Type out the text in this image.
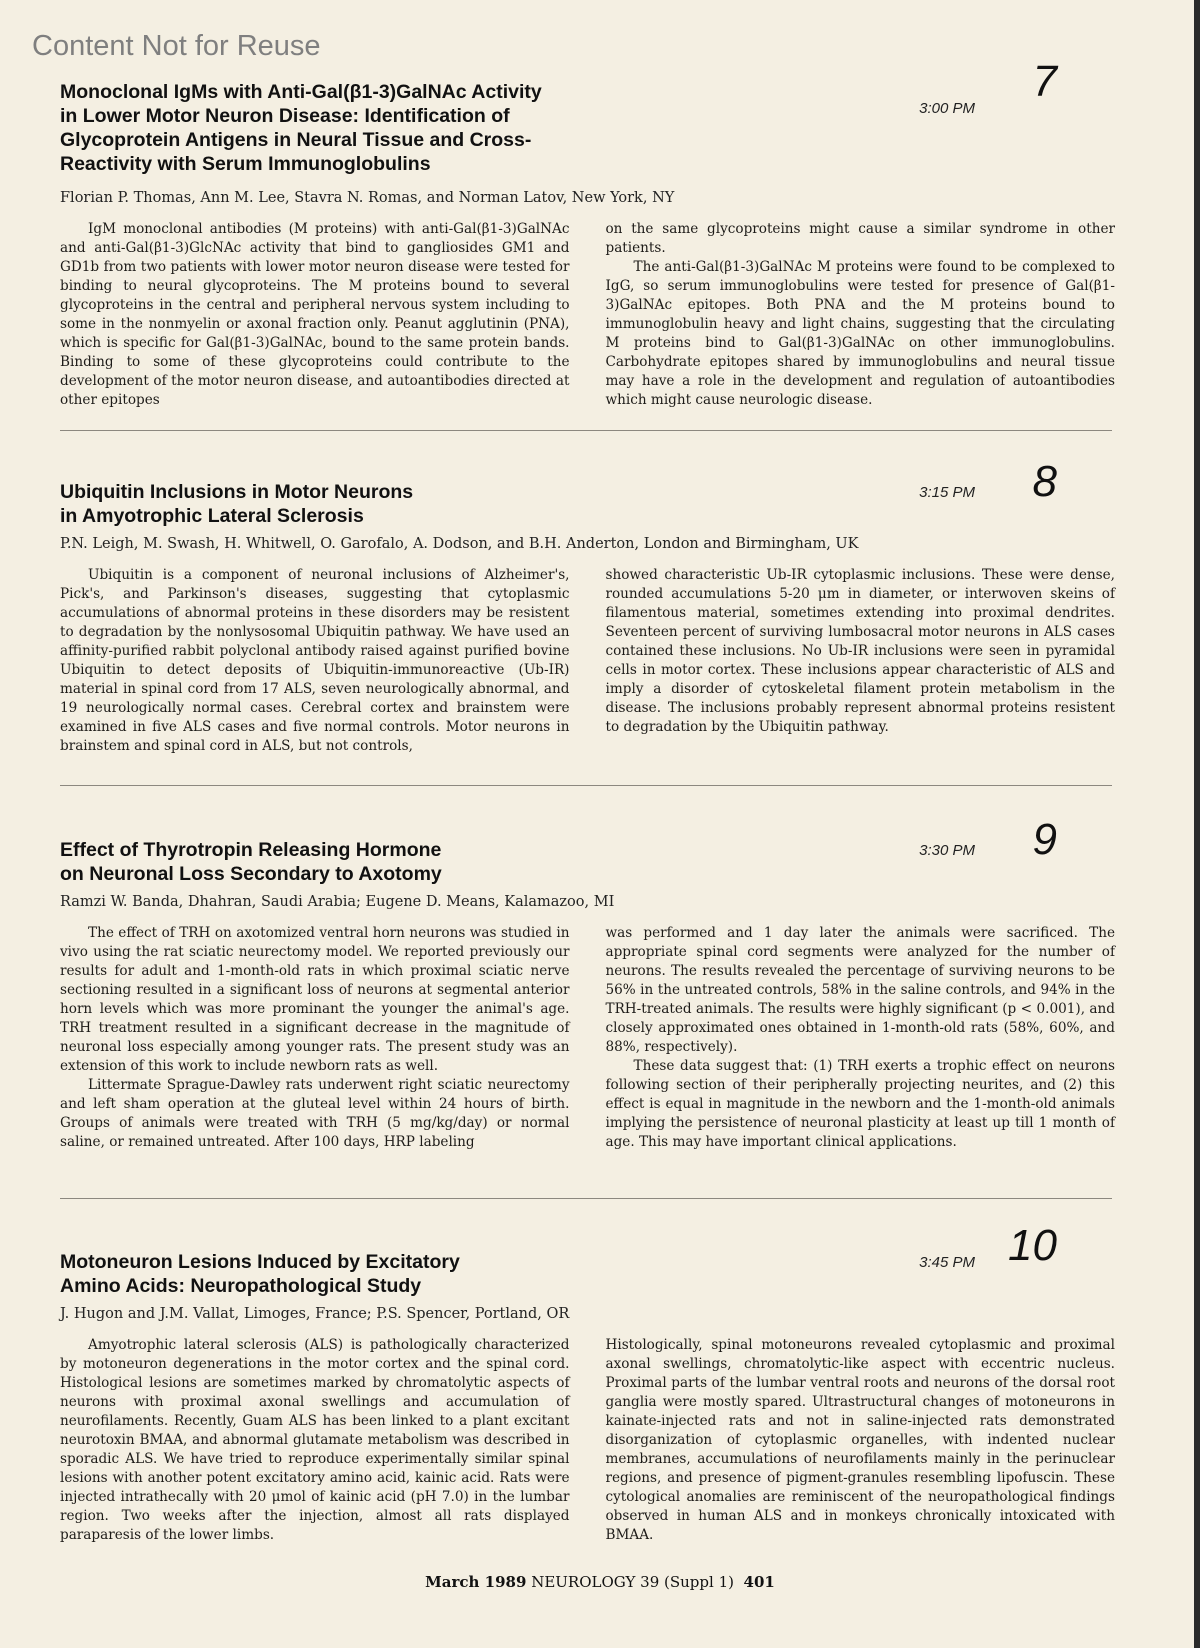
Content Not for Reuse
Monoclonal IgMs with Anti-Gal(β1-3)GalNAc Activity
in Lower Motor Neuron Disease: Identification of
Glycoprotein Antigens in Neural Tissue and Cross-
Reactivity with Serum Immunoglobulins
3:00 PM
7
Florian P. Thomas, Ann M. Lee, Stavra N. Romas, and Norman Latov, New York, NY

IgM monoclonal antibodies (M proteins) with anti-Gal(β1-3)GalNAc and anti-Gal(β1-3)GlcNAc activity that bind to gangliosides GM1 and GD1b from two patients with lower motor neuron disease were tested for binding to neural glycoproteins. The M proteins bound to several glycoproteins in the central and peripheral nervous system including to some in the nonmyelin or axonal fraction only. Peanut agglutinin (PNA), which is specific for Gal(β1-3)GalNAc, bound to the same protein bands. Binding to some of these glycoproteins could contribute to the development of the motor neuron disease, and autoantibodies directed at other epitopes

on the same glycoproteins might cause a similar syndrome in other patients.

The anti-Gal(β1-3)GalNAc M proteins were found to be complexed to IgG, so serum immunoglobulins were tested for presence of Gal(β1-3)GalNAc epitopes. Both PNA and the M proteins bound to immunoglobulin heavy and light chains, suggesting that the circulating M proteins bind to Gal(β1-3)GalNAc on other immunoglobulins. Carbohydrate epitopes shared by immunoglobulins and neural tissue may have a role in the development and regulation of autoantibodies which might cause neurologic disease.

Ubiquitin Inclusions in Motor Neurons
in Amyotrophic Lateral Sclerosis
3:15 PM 8
P.N. Leigh, M. Swash, H. Whitwell, O. Garofalo, A. Dodson, and B.H. Anderton, London and Birmingham, UK

Ubiquitin is a component of neuronal inclusions of Alzheimer's, Pick's, and Parkinson's diseases, suggesting that cytoplasmic accumulations of abnormal proteins in these disorders may be resistent to degradation by the nonlysosomal Ubiquitin pathway. We have used an affinity-purified rabbit polyclonal antibody raised against purified bovine Ubiquitin to detect deposits of Ubiquitin-immunoreactive (Ub-IR) material in spinal cord from 17 ALS, seven neurologically abnormal, and 19 neurologically normal cases. Cerebral cortex and brainstem were examined in five ALS cases and five normal controls. Motor neurons in brainstem and spinal cord in ALS, but not controls,

showed characteristic Ub-IR cytoplasmic inclusions. These were dense, rounded accumulations 5-20 μm in diameter, or interwoven skeins of filamentous material, sometimes extending into proximal dendrites. Seventeen percent of surviving lumbosacral motor neurons in ALS cases contained these inclusions. No Ub-IR inclusions were seen in pyramidal cells in motor cortex. These inclusions appear characteristic of ALS and imply a disorder of cytoskeletal filament protein metabolism in the disease. The inclusions probably represent abnormal proteins resistent to degradation by the Ubiquitin pathway.

Effect of Thyrotropin Releasing Hormone
on Neuronal Loss Secondary to Axotomy
3:30 PM 9
Ramzi W. Banda, Dhahran, Saudi Arabia; Eugene D. Means, Kalamazoo, MI

The effect of TRH on axotomized ventral horn neurons was studied in vivo using the rat sciatic neurectomy model. We reported previously our results for adult and 1-month-old rats in which proximal sciatic nerve sectioning resulted in a significant loss of neurons at segmental anterior horn levels which was more prominant the younger the animal's age. TRH treatment resulted in a significant decrease in the magnitude of neuronal loss especially among younger rats. The present study was an extension of this work to include newborn rats as well.

Littermate Sprague-Dawley rats underwent right sciatic neurectomy and left sham operation at the gluteal level within 24 hours of birth. Groups of animals were treated with TRH (5 mg/kg/day) or normal saline, or remained untreated. After 100 days, HRP labeling

was performed and 1 day later the animals were sacrificed. The appropriate spinal cord segments were analyzed for the number of neurons. The results revealed the percentage of surviving neurons to be 56% in the untreated controls, 58% in the saline controls, and 94% in the TRH-treated animals. The results were highly significant (p < 0.001), and closely approximated ones obtained in 1-month-old rats (58%, 60%, and 88%, respectively).

These data suggest that: (1) TRH exerts a trophic effect on neurons following section of their peripherally projecting neurites, and (2) this effect is equal in magnitude in the newborn and the 1-month-old animals implying the persistence of neuronal plasticity at least up till 1 month of age. This may have important clinical applications.

Motoneuron Lesions Induced by Excitatory
Amino Acids: Neuropathological Study
3:45 PM 10
J. Hugon and J.M. Vallat, Limoges, France; P.S. Spencer, Portland, OR

Amyotrophic lateral sclerosis (ALS) is pathologically characterized by motoneuron degenerations in the motor cortex and the spinal cord. Histological lesions are sometimes marked by chromatolytic aspects of neurons with proximal axonal swellings and accumulation of neurofilaments. Recently, Guam ALS has been linked to a plant excitant neurotoxin BMAA, and abnormal glutamate metabolism was described in sporadic ALS. We have tried to reproduce experimentally similar spinal lesions with another potent excitatory amino acid, kainic acid. Rats were injected intrathecally with 20 μmol of kainic acid (pH 7.0) in the lumbar region. Two weeks after the injection, almost all rats displayed paraparesis of the lower limbs.

Histologically, spinal motoneurons revealed cytoplasmic and proximal axonal swellings, chromatolytic-like aspect with eccentric nucleus. Proximal parts of the lumbar ventral roots and neurons of the dorsal root ganglia were mostly spared. Ultrastructural changes of motoneurons in kainate-injected rats and not in saline-injected rats demonstrated disorganization of cytoplasmic organelles, with indented nuclear membranes, accumulations of neurofilaments mainly in the perinuclear regions, and presence of pigment-granules resembling lipofuscin. These cytological anomalies are reminiscent of the neuropathological findings observed in human ALS and in monkeys chronically intoxicated with BMAA.

March 1989 NEUROLOGY 39 (Suppl 1) 401
